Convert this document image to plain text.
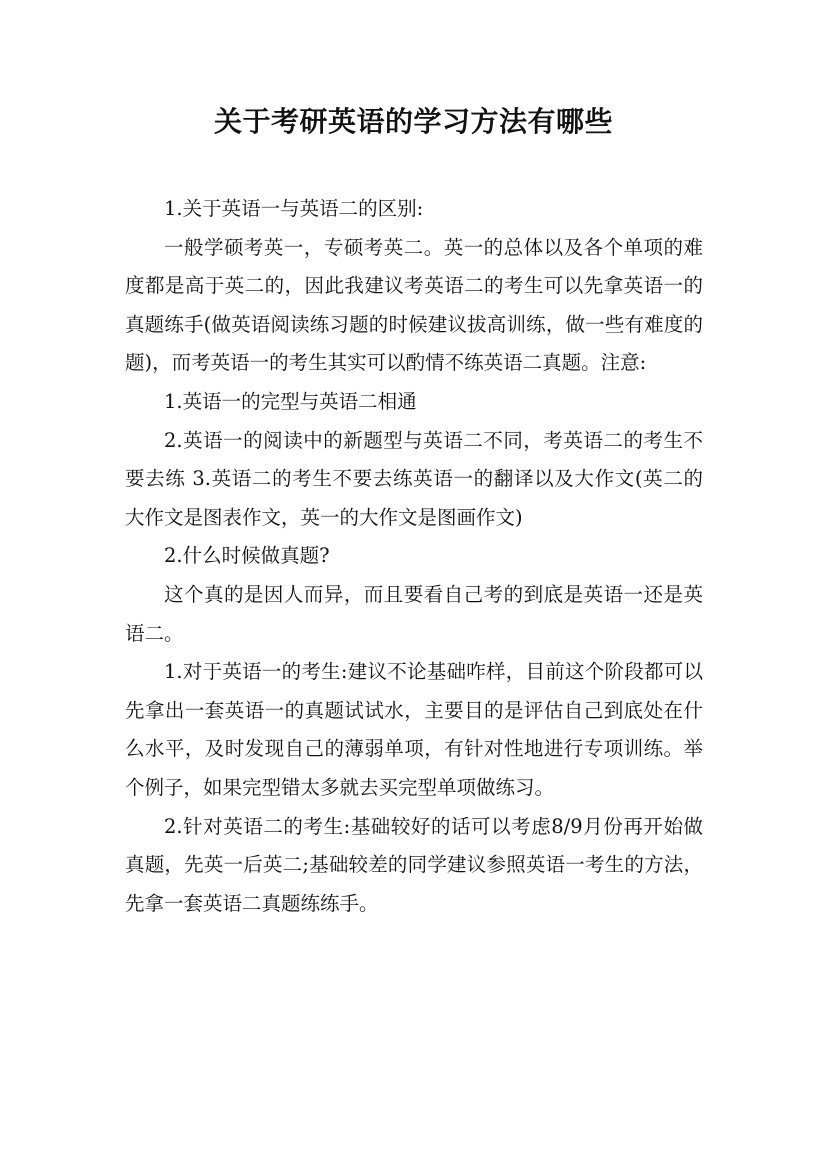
关于考研英语的学习方法有哪些

1.关于英语一与英语二的区别:

一般学硕考英一，专硕考英二。英一的总体以及各个单项的难度都是高于英二的，因此我建议考英语二的考生可以先拿英语一的真题练手(做英语阅读练习题的时候建议拔高训练，做一些有难度的题)，而考英语一的考生其实可以酌情不练英语二真题。注意:

1.英语一的完型与英语二相通

2.英语一的阅读中的新题型与英语二不同，考英语二的考生不要去练 3.英语二的考生不要去练英语一的翻译以及大作文(英二的大作文是图表作文，英一的大作文是图画作文)

2.什么时候做真题?

这个真的是因人而异，而且要看自己考的到底是英语一还是英语二。

1.对于英语一的考生:建议不论基础咋样，目前这个阶段都可以先拿出一套英语一的真题试试水，主要目的是评估自己到底处在什么水平，及时发现自己的薄弱单项，有针对性地进行专项训练。举个例子，如果完型错太多就去买完型单项做练习。

2.针对英语二的考生:基础较好的话可以考虑8/9月份再开始做真题，先英一后英二;基础较差的同学建议参照英语一考生的方法，先拿一套英语二真题练练手。
